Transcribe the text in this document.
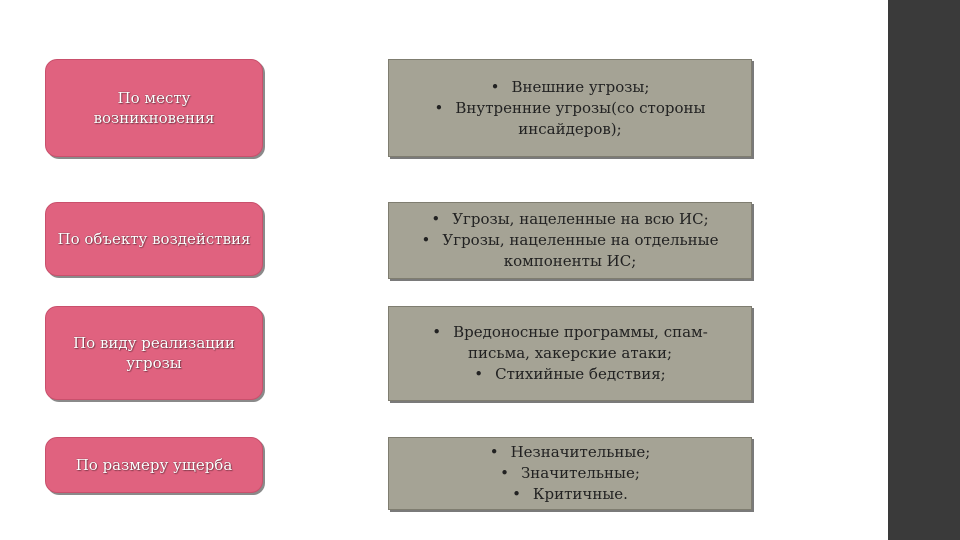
По месту возникновения
• Внешние угрозы;
• Внутренние угрозы(со стороны инсайдеров);
По объекту воздействия
• Угрозы, нацеленные на всю ИС;
• Угрозы, нацеленные на отдельные компоненты ИС;
По виду реализации угрозы
• Вредоносные программы, спам-письма, хакерские атаки;
• Стихийные бедствия;
По размеру ущерба
• Незначительные;
• Значительные;
• Критичные.
